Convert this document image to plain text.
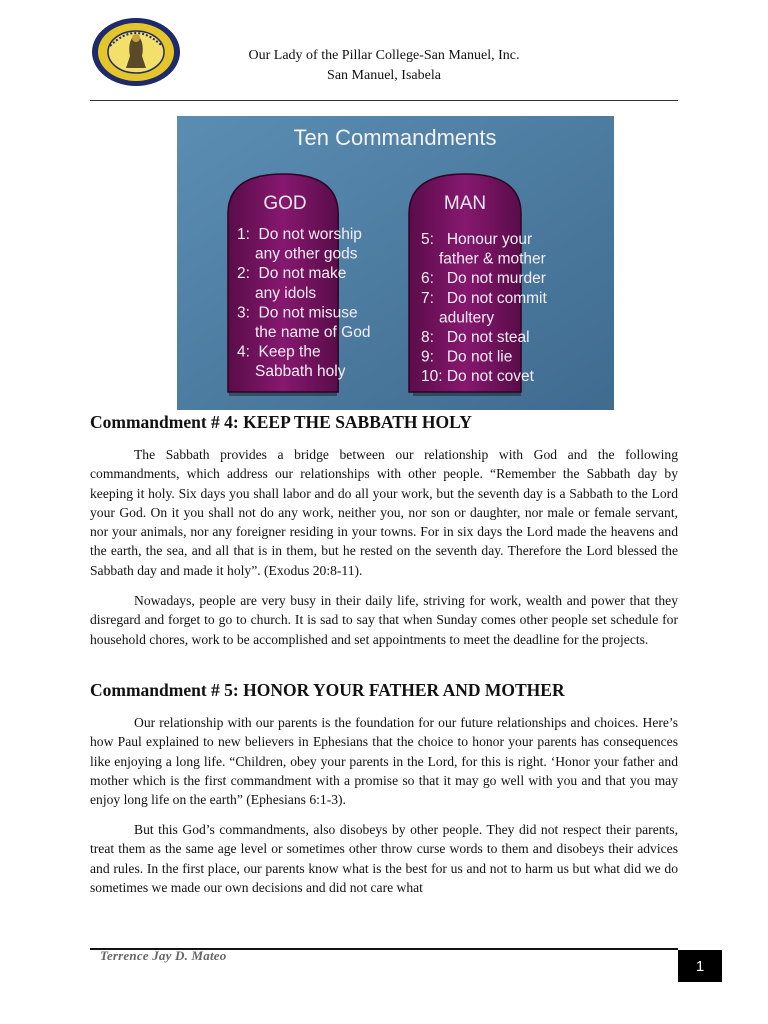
Our Lady of the Pillar College-San Manuel, Inc.
San Manuel, Isabela
Ten Commandments
GOD
1:  Do not worship
any other gods
2:  Do not make
any idols
3:  Do not misuse
the name of God
4:  Keep the
Sabbath holy
MAN
5:   Honour your
father & mother
6:   Do not murder
7:   Do not commit
adultery
8:   Do not steal
9:   Do not lie
10: Do not covet
Commandment # 4: KEEP THE SABBATH HOLY

The Sabbath provides a bridge between our relationship with God and the following commandments, which address our relationships with other people. “Remember the Sabbath day by keeping it holy. Six days you shall labor and do all your work, but the seventh day is a Sabbath to the Lord your God. On it you shall not do any work, neither you, nor son or daughter, nor male or female servant, nor your animals, nor any foreigner residing in your towns. For in six days the Lord made the heavens and the earth, the sea, and all that is in them, but he rested on the seventh day. Therefore the Lord blessed the Sabbath day and made it holy”. (Exodus 20:8-11).

Nowadays, people are very busy in their daily life, striving for work, wealth and power that they disregard and forget to go to church. It is sad to say that when Sunday comes other people set schedule for household chores, work to be accomplished and set appointments to meet the deadline for the projects.

Commandment # 5: HONOR YOUR FATHER AND MOTHER

Our relationship with our parents is the foundation for our future relationships and choices. Here’s how Paul explained to new believers in Ephesians that the choice to honor your parents has consequences like enjoying a long life. “Children, obey your parents in the Lord, for this is right. ‘Honor your father and mother which is the first commandment with a promise so that it may go well with you and that you may enjoy long life on the earth” (Ephesians 6:1-3).

But this God’s commandments, also disobeys by other people. They did not respect their parents, treat them as the same age level or sometimes other throw curse words to them and disobeys their advices and rules. In the first place, our parents know what is the best for us and not to harm us but what did we do sometimes we made our own decisions and did not care what

Terrence Jay D. Mateo
1
